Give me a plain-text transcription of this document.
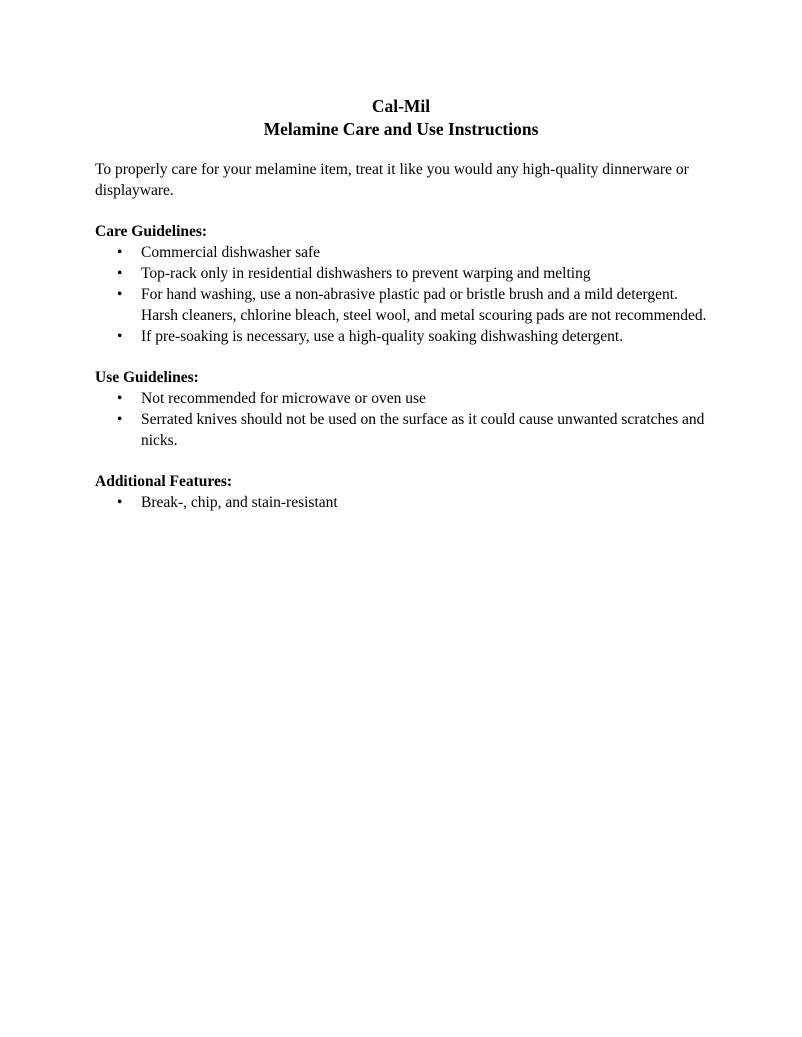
Cal-Mil
Melamine Care and Use Instructions
To properly care for your melamine item, treat it like you would any high-quality dinnerware or displayware.
Care Guidelines:
• Commercial dishwasher safe
• Top-rack only in residential dishwashers to prevent warping and melting
• For hand washing, use a non-abrasive plastic pad or bristle brush and a mild detergent. Harsh cleaners, chlorine bleach, steel wool, and metal scouring pads are not recommended.
• If pre-soaking is necessary, use a high-quality soaking dishwashing detergent.
Use Guidelines:
• Not recommended for microwave or oven use
• Serrated knives should not be used on the surface as it could cause unwanted scratches and nicks.
Additional Features:
• Break-, chip, and stain-resistant
